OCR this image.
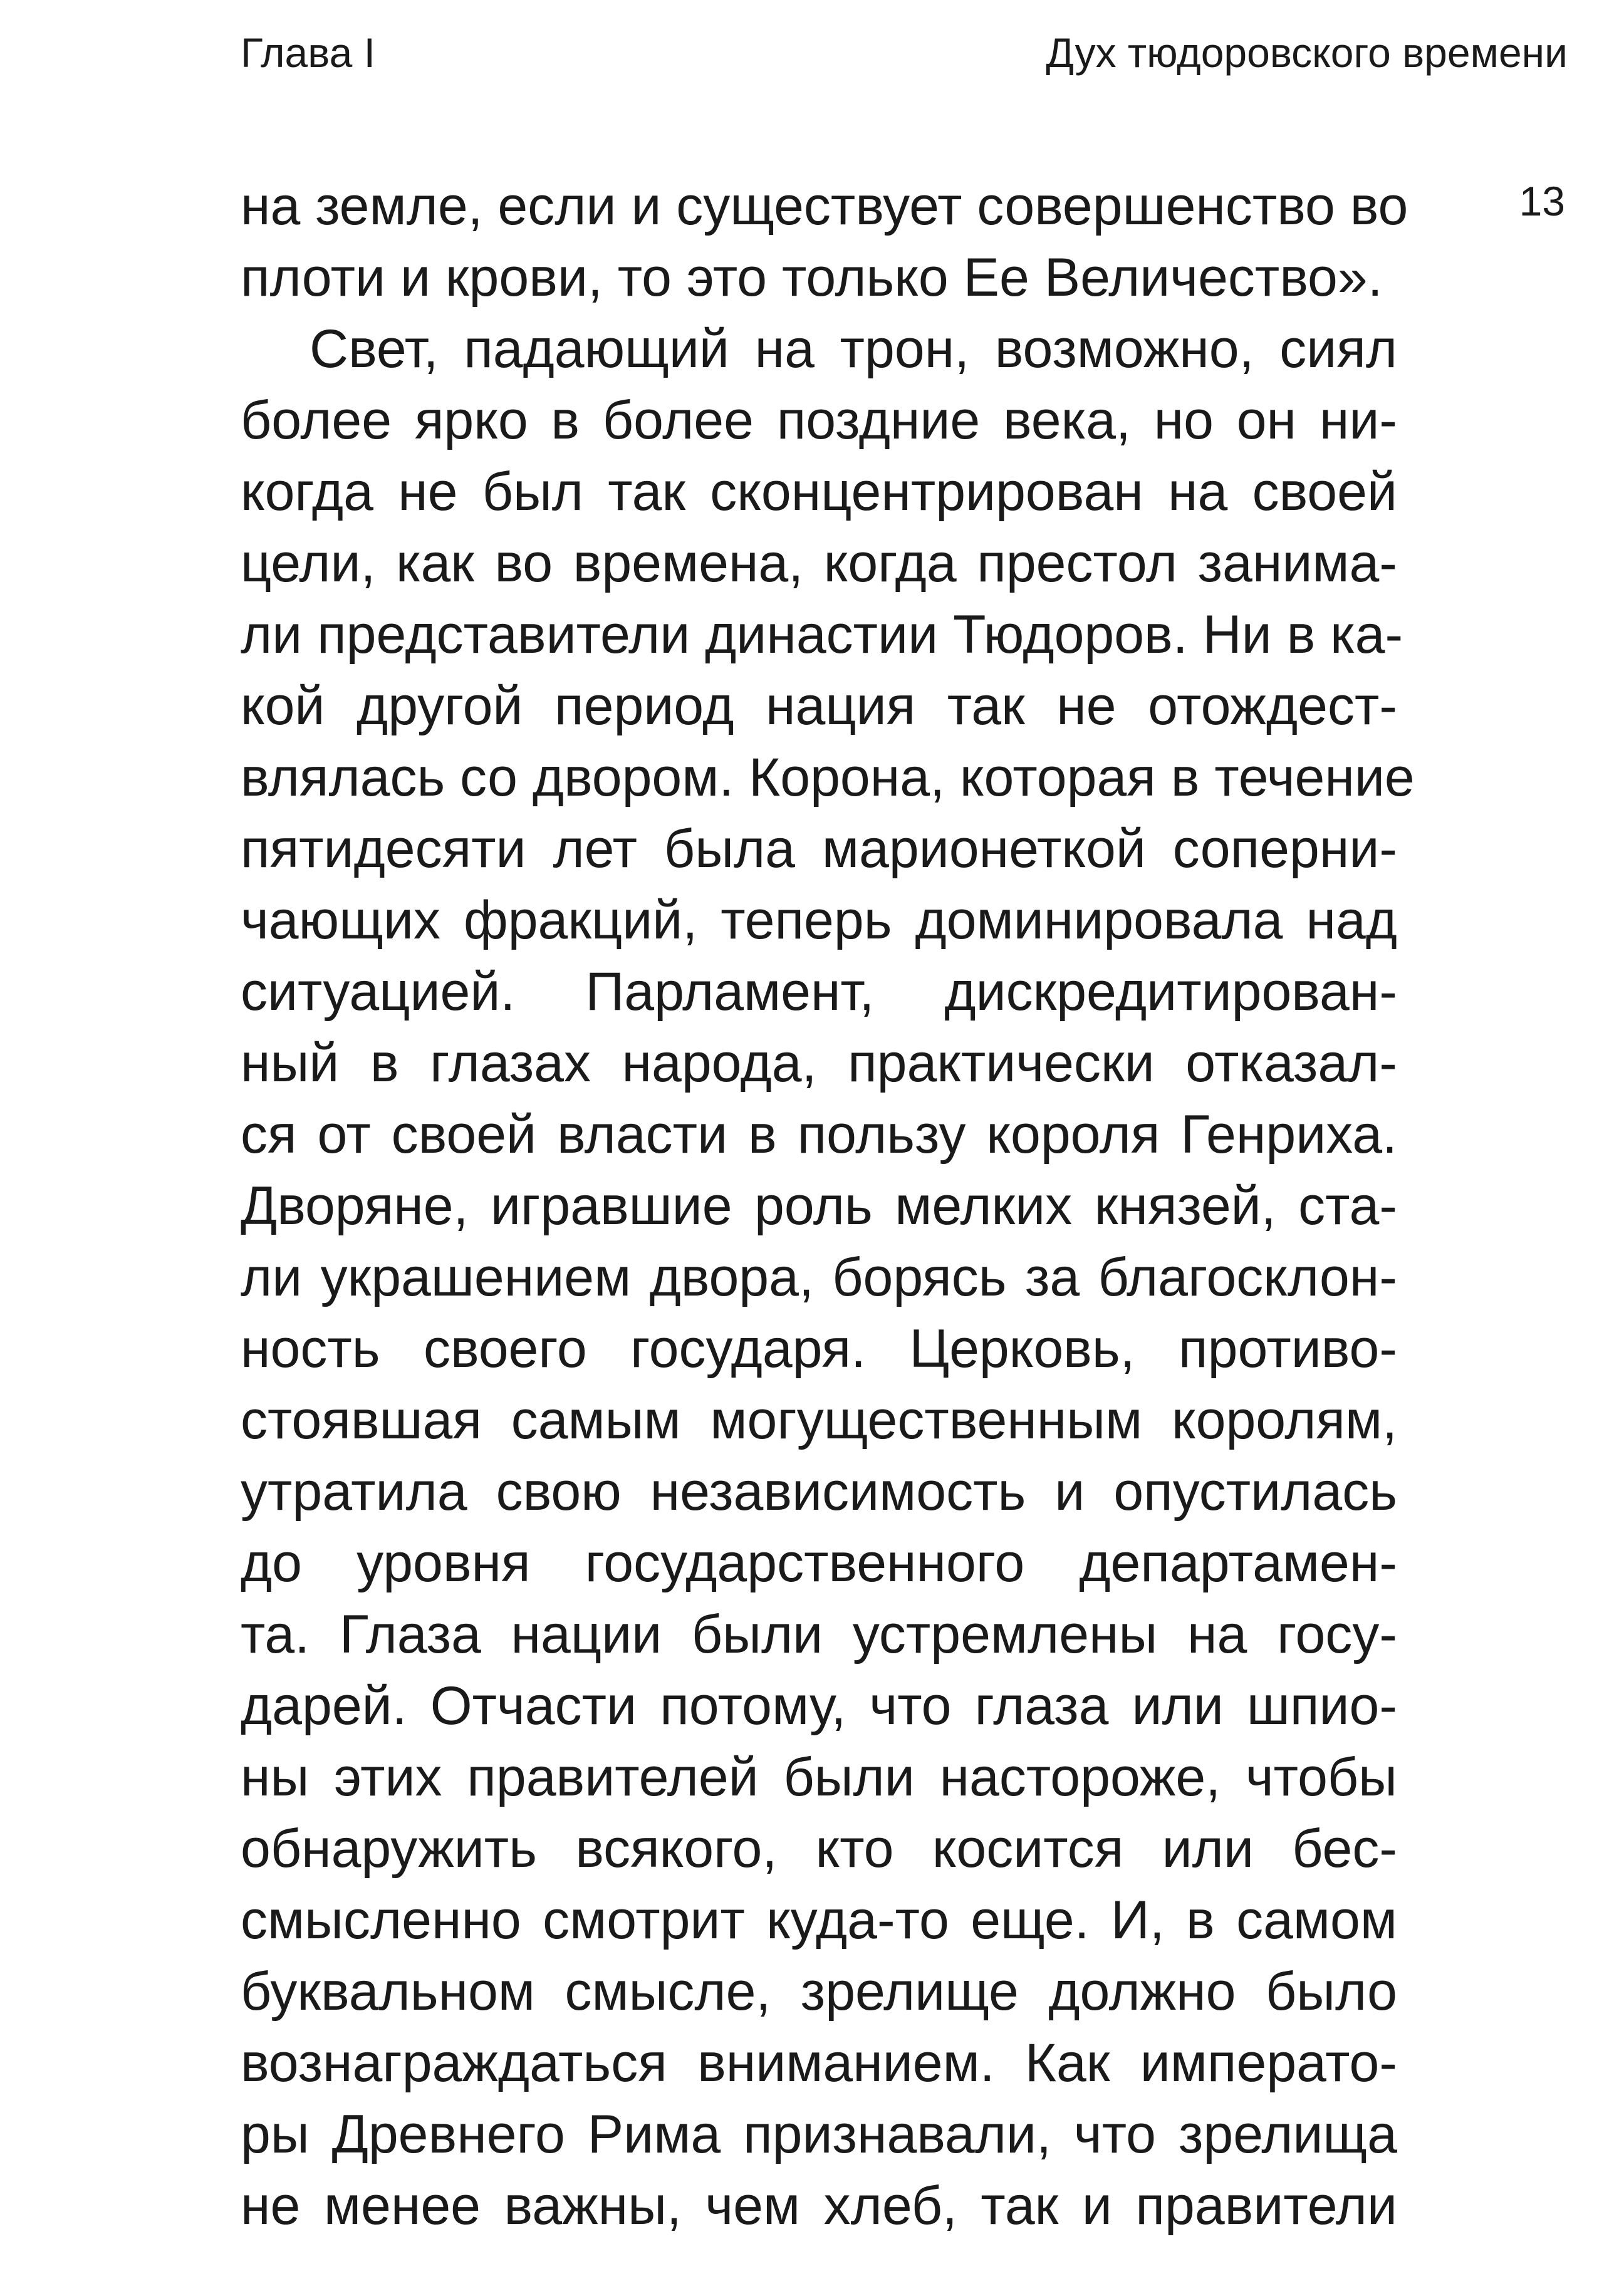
Глава I	Дух тюдоровского времени
13
на земле, если и существует совершенство во
плоти и крови, то это только Ее Величество».
Свет, падающий на трон, возможно, сиял
более ярко в более поздние века, но он ни-
когда не был так сконцентрирован на своей
цели, как во времена, когда престол занима-
ли представители династии Тюдоров. Ни в ка-
кой другой период нация так не отождест-
влялась со двором. Корона, которая в течение
пятидесяти лет была марионеткой соперни-
чающих фракций, теперь доминировала над
ситуацией. Парламент, дискредитирован-
ный в глазах народа, практически отказал-
ся от своей власти в пользу короля Генриха.
Дворяне, игравшие роль мелких князей, ста-
ли украшением двора, борясь за благосклон-
ность своего государя. Церковь, противо-
стоявшая самым могущественным королям,
утратила свою независимость и опустилась
до уровня государственного департамен-
та. Глаза нации были устремлены на госу-
дарей. Отчасти потому, что глаза или шпио-
ны этих правителей были настороже, чтобы
обнаружить всякого, кто косится или бес-
смысленно смотрит куда-то еще. И, в самом
буквальном смысле, зрелище должно было
вознаграждаться вниманием. Как императо-
ры Древнего Рима признавали, что зрелища
не менее важны, чем хлеб, так и правители
